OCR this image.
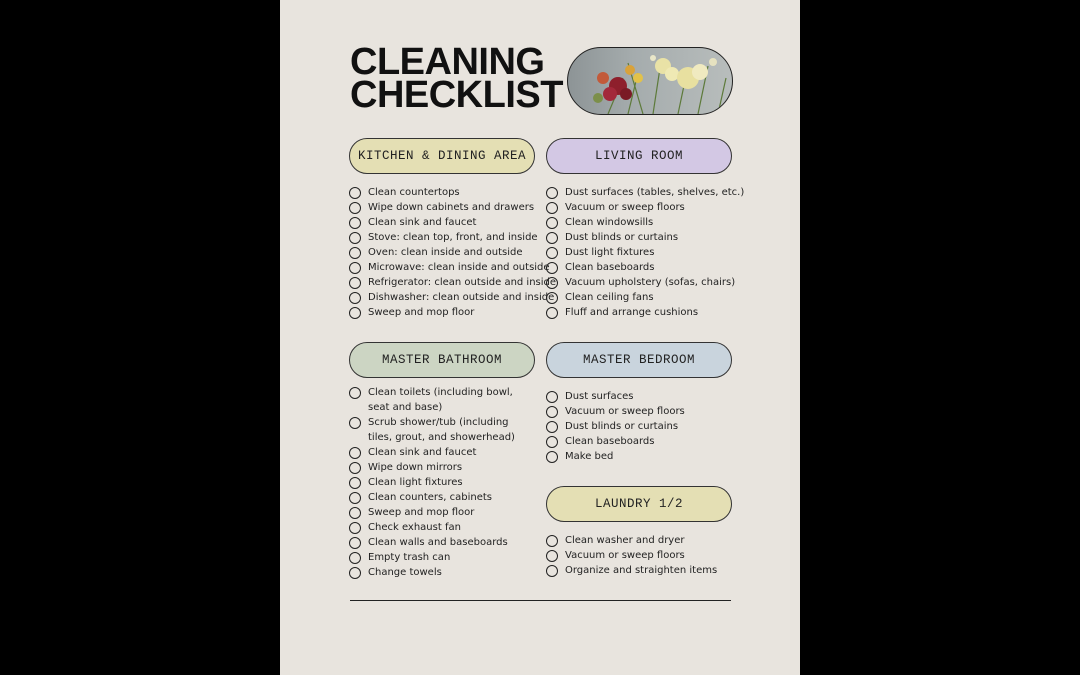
CLEANING
CHECKLIST
KITCHEN & DINING AREA
Clean countertops
Wipe down cabinets and drawers
Clean sink and faucet
Stove: clean top, front, and inside
Oven: clean inside and outside
Microwave: clean inside and outside
Refrigerator: clean outside and inside
Dishwasher: clean outside and inside
Sweep and mop floor
LIVING ROOM
Dust surfaces (tables, shelves, etc.)
Vacuum or sweep floors
Clean windowsills
Dust blinds or curtains
Dust light fixtures
Clean baseboards
Vacuum upholstery (sofas, chairs)
Clean ceiling fans
Fluff and arrange cushions
MASTER BATHROOM
Clean toilets (including bowl, seat and base)
Scrub shower/tub (including tiles, grout, and showerhead)
Clean sink and faucet
Wipe down mirrors
Clean light fixtures
Clean counters, cabinets
Sweep and mop floor
Check exhaust fan
Clean walls and baseboards
Empty trash can
Change towels
MASTER BEDROOM
Dust surfaces
Vacuum or sweep floors
Dust blinds or curtains
Clean baseboards
Make bed
LAUNDRY 1/2
Clean washer and dryer
Vacuum or sweep floors
Organize and straighten items
